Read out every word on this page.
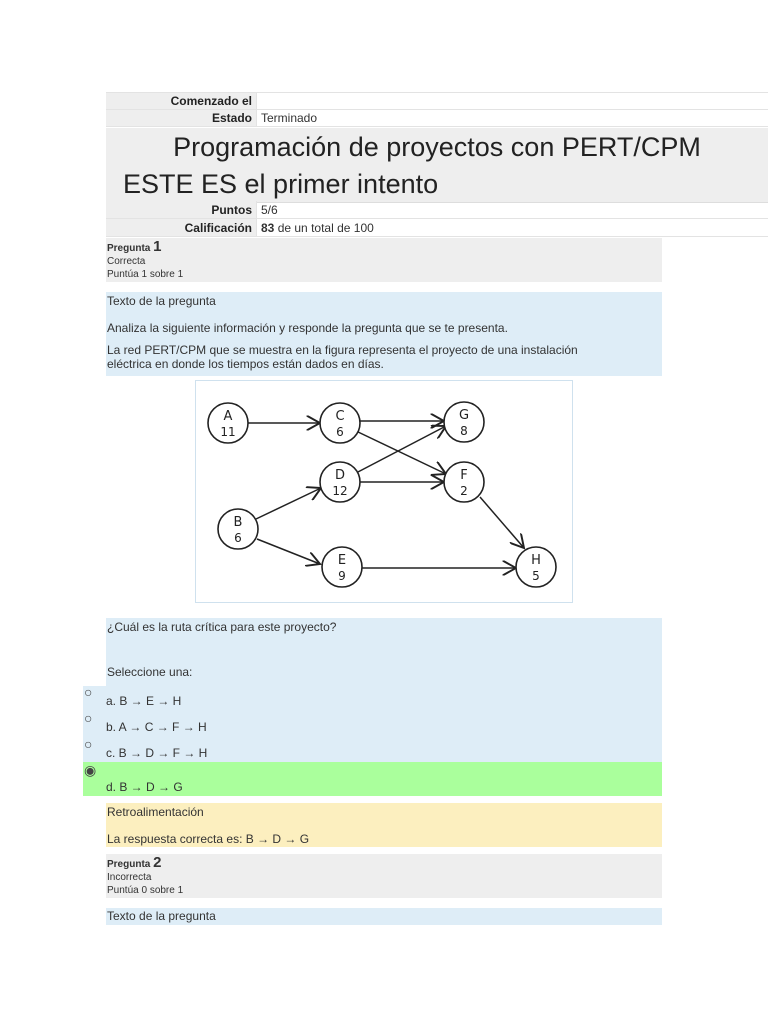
Comenzado el	
Estado	Terminado
Programación de proyectos con PERT/CPM
ESTE ES el primer intento
Puntos	5/6
Calificación	83 de un total de 100
Pregunta 1
Correcta
Puntúa 1 sobre 1

Texto de la pregunta

Analiza la siguiente información y responde la pregunta que se te presenta.

La red PERT/CPM que se muestra en la figura representa el proyecto de una instalación

eléctrica en donde los tiempos están dados en días.

A
11
C
6
G
8
D
12
F
2
B
6
E
9
H
5

¿Cuál es la ruta crítica para este proyecto?

Seleccione una:

○
a. B → E → H
○
b. A → C → F → H
○
c. B → D → F → H
◉
d. B → D → G
Retroalimentación
La respuesta correcta es: B → D → G
Pregunta 2
Incorrecta
Puntúa 0 sobre 1

Texto de la pregunta
